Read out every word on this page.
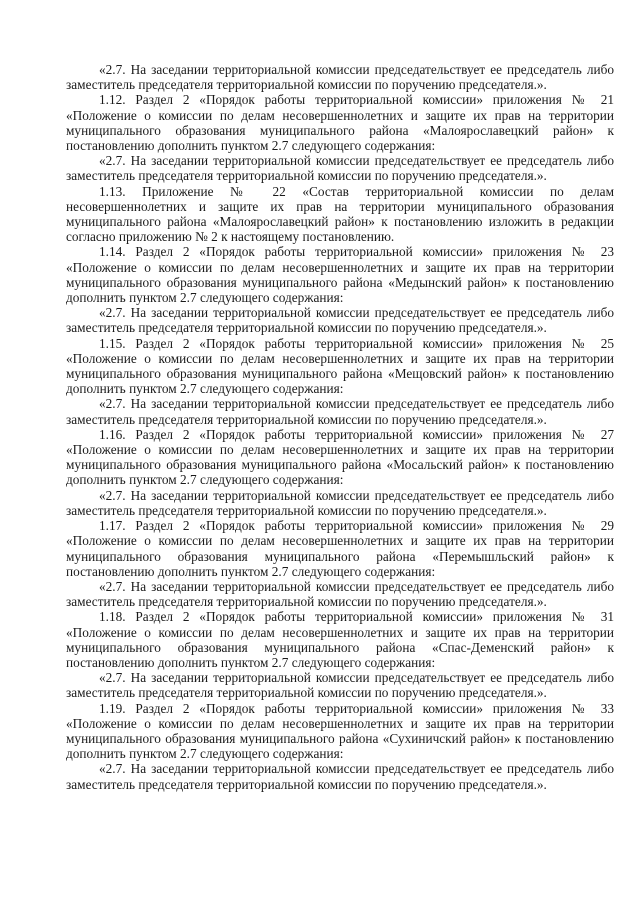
«2.7. На заседании территориальной комиссии председательствует ее председатель либо заместитель председателя территориальной комиссии по поручению председателя.».

1.12. Раздел 2 «Порядок работы территориальной комиссии» приложения № 21 «Положение о комиссии по делам несовершеннолетних и защите их прав на территории муниципального образования муниципального района «Малоярославецкий район» к постановлению дополнить пунктом 2.7 следующего содержания:

«2.7. На заседании территориальной комиссии председательствует ее председатель либо заместитель председателя территориальной комиссии по поручению председателя.».

1.13. Приложение № 22 «Состав территориальной комиссии по делам несовершеннолетних и защите их прав на территории муниципального образования муниципального района «Малоярославецкий район» к постановлению изложить в редакции согласно приложению № 2 к настоящему постановлению.

1.14. Раздел 2 «Порядок работы территориальной комиссии» приложения № 23 «Положение о комиссии по делам несовершеннолетних и защите их прав на территории муниципального образования муниципального района «Медынский район» к постановлению дополнить пунктом 2.7 следующего содержания:

«2.7. На заседании территориальной комиссии председательствует ее председатель либо заместитель председателя территориальной комиссии по поручению председателя.».

1.15. Раздел 2 «Порядок работы территориальной комиссии» приложения № 25 «Положение о комиссии по делам несовершеннолетних и защите их прав на территории муниципального образования муниципального района «Мещовский район» к постановлению дополнить пунктом 2.7 следующего содержания:

«2.7. На заседании территориальной комиссии председательствует ее председатель либо заместитель председателя территориальной комиссии по поручению председателя.».

1.16. Раздел 2 «Порядок работы территориальной комиссии» приложения № 27 «Положение о комиссии по делам несовершеннолетних и защите их прав на территории муниципального образования муниципального района «Мосальский район» к постановлению дополнить пунктом 2.7 следующего содержания:

«2.7. На заседании территориальной комиссии председательствует ее председатель либо заместитель председателя территориальной комиссии по поручению председателя.».

1.17. Раздел 2 «Порядок работы территориальной комиссии» приложения № 29 «Положение о комиссии по делам несовершеннолетних и защите их прав на территории муниципального образования муниципального района «Перемышльский район» к постановлению дополнить пунктом 2.7 следующего содержания:

«2.7. На заседании территориальной комиссии председательствует ее председатель либо заместитель председателя территориальной комиссии по поручению председателя.».

1.18. Раздел 2 «Порядок работы территориальной комиссии» приложения № 31 «Положение о комиссии по делам несовершеннолетних и защите их прав на территории муниципального образования муниципального района «Спас-Деменский район» к постановлению дополнить пунктом 2.7 следующего содержания:

«2.7. На заседании территориальной комиссии председательствует ее председатель либо заместитель председателя территориальной комиссии по поручению председателя.».

1.19. Раздел 2 «Порядок работы территориальной комиссии» приложения № 33 «Положение о комиссии по делам несовершеннолетних и защите их прав на территории муниципального образования муниципального района «Сухиничский район» к постановлению дополнить пунктом 2.7 следующего содержания:

«2.7. На заседании территориальной комиссии председательствует ее председатель либо заместитель председателя территориальной комиссии по поручению председателя.».
